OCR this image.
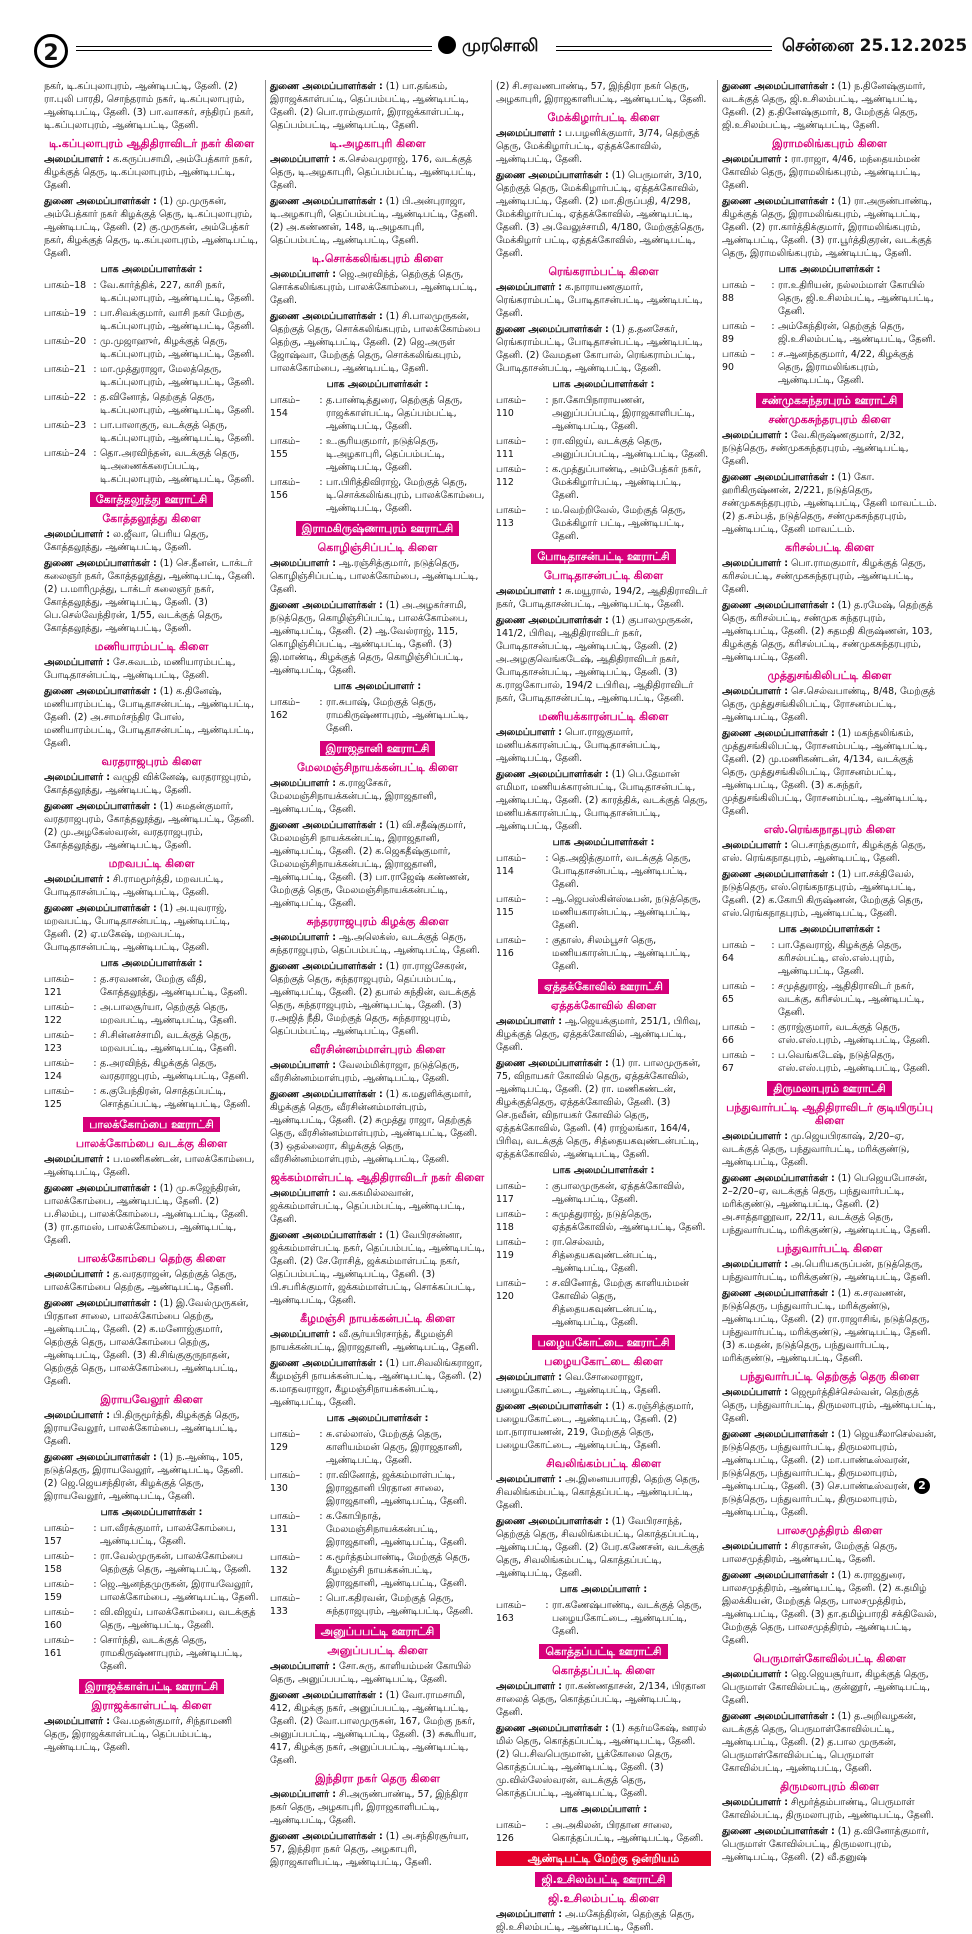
2	முரசொலி	சென்னை 25.12.2025

நகர், டி.கப்புலாபுரம், ஆண்டிபட்டி, தேனி. (2) ரா.புலி பாரதி, சொந்தராம் நகர், டி.கப்புலாபுரம், ஆண்டிபட்டி, தேனி. (3) பா.வாசகர், சந்திரப் நகர், டி.கப்புலாபுரம், ஆண்டிபட்டி, தேனி.

டி.கப்புலாபுரம் ஆதிதிராவிடர் நகர் கிளை

அமைப்பாளர் : க.கருப்பசாமி, அம்பேத்கார் நகர், கிழக்குத் தெரு, டி.கப்புலாபுரம், ஆண்டிபட்டி, தேனி.

துணை அமைப்பாளர்கள் : (1) மு.முருகன், அம்பேத்கார் நகர் கிழக்குத் தெரு, டி.கப்புலாபுரம், ஆண்டிபட்டி, தேனி. (2) கு.முருகன், அம்பேத்கர் நகர், கிழக்குத் தெரு, டி.கப்புலாபுரம், ஆண்டிபட்டி, தேனி.

பாக அமைப்பாளர்கள் :
பாகம்–18 : வே.கார்த்திக், 227, காசி நகர், டி.கப்புலாபுரம், ஆண்டிபட்டி, தேனி.
பாகம்–19 : பா.சிவக்குமார், வாசி நகர் மேற்கு, டி.கப்புலாபுரம், ஆண்டிபட்டி, தேனி.
பாகம்–20 : மு.முஜாஹுர், கிழக்குத் தெரு, டி.கப்புலாபுரம், ஆண்டிபட்டி, தேனி.
பாகம்–21 : மா.முத்துராஜா, மேலத்தெரு, டி.கப்புலாபுரம், ஆண்டிபட்டி, தேனி.
பாகம்–22 : த.வினோத், தெற்குத் தெரு, டி.கப்புலாபுரம், ஆண்டிபட்டி, தேனி.
பாகம்–23 : பா.பாலாகுரு, வடக்குத் தெரு, டி.கப்புலாபுரம், ஆண்டிபட்டி, தேனி.
பாகம்–24 : தொ.அரவிந்தன், வடக்குத் தெரு, டி.அணைக்கரைப்பட்டி, டி.கப்புலாபுரம், ஆண்டிபட்டி, தேனி.
கோத்தலூத்து ஊராட்சி
கோத்தலூத்து கிளை

அமைப்பாளர் : ல.ஜீவா, பெரிய தெரு, கோத்தலூத்து, ஆண்டிபட்டி, தேனி.

துணை அமைப்பாளர்கள் : (1) செ.தீனன், டாக்டர் கலைஞர் நகர், கோத்தலூத்து, ஆண்டிபட்டி, தேனி. (2) ப.மாரிமுத்து, டாக்டர் கலைஞர் நகர், கோத்தலூத்து, ஆண்டிபட்டி, தேனி. (3) பெ.செல்வேந்திரன், 1/55, வடக்குத் தெரு, கோத்தலூத்து, ஆண்டிபட்டி, தேனி.

மணியாரம்பட்டி கிளை

அமைப்பாளர் : சே.சுவடம், மணியாரம்பட்டி, போடிதாசன்பட்டி, ஆண்டிபட்டி, தேனி.

துணை அமைப்பாளர்கள் : (1) க.தினேஷ், மணியாரம்பட்டி, போடிதாசன்பட்டி, ஆண்டிபட்டி, தேனி. (2) அ.சாமர்சந்திர போஸ், மணியாரம்பட்டி, போடிதாசன்பட்டி, ஆண்டிபட்டி, தேனி.

வரதராஜபுரம் கிளை

அமைப்பாளர் : வழுதி விக்னேஷ், வரதராஜபுரம், கோத்தலூத்து, ஆண்டிபட்டி, தேனி.

துணை அமைப்பாளர்கள் : (1) சுமதன்குமார், வரதராஜபுரம், கோத்தலூத்து, ஆண்டிபட்டி, தேனி. (2) மு.அழகேஸ்வரன், வரதராஜபுரம், கோத்தலூத்து, ஆண்டிபட்டி, தேனி.

மறவபட்டி கிளை

அமைப்பாளர் : சி.ராமமூர்த்தி, மறவபட்டி, போடிதாசன்பட்டி, ஆண்டிபட்டி, தேனி.

துணை அமைப்பாளர்கள் : (1) அ.யுவராஜ், மறவபட்டி, போடிதாசன்பட்டி, ஆண்டிபட்டி, தேனி. (2) ஏ.மகேஷ், மறவபட்டி, போடிதாசன்பட்டி, ஆண்டிபட்டி, தேனி.

பாக அமைப்பாளர்கள் :
பாகம்–121
: த.சரவணன், மேற்கு வீதி, கோத்தலூத்து, ஆண்டிபட்டி, தேனி.
பாகம்–122
: அ.பாலசூர்யா, தெற்குத் தெரு, மறவபட்டி, ஆண்டிபட்டி, தேனி.
பாகம்–123
: சி.சின்னச்சாமி, வடக்குத் தெரு, மறவபட்டி, ஆண்டிபட்டி, தேனி.
பாகம்–124
: த.அரவிந்த், கிழக்குத் தெரு, வரதராஜபுரம், ஆண்டிபட்டி, தேனி.
பாகம்–125
: க.குபேந்திரன், சொத்தப்பட்டி, சொத்தப்பட்டி, ஆண்டிபட்டி, தேனி.
பாலக்கோம்பை ஊராட்சி
பாலக்கோம்பை வடக்கு கிளை

அமைப்பாளர் : ப.மணிகண்டன், பாலக்கோம்பை, ஆண்டிபட்டி, தேனி.

துணை அமைப்பாளர்கள் : (1) மு.சுஜேந்திரன், பாலக்கோம்பை, ஆண்டிபட்டி, தேனி. (2) ப.சிலம்பு, பாலக்கோம்பை, ஆண்டிபட்டி, தேனி. (3) ரா.தாமஸ், பாலக்கோம்பை, ஆண்டிபட்டி, தேனி.

பாலக்கோம்பை தெற்கு கிளை

அமைப்பாளர் : த.வரதராஜன், தெற்குத் தெரு, பாலக்கோம்பை தெற்கு, ஆண்டிபட்டி, தேனி.

துணை அமைப்பாளர்கள் : (1) இ.வேல்முருகன், பிரதான சாலை, பாலக்கோம்பை தெற்கு, ஆண்டிபட்டி, தேனி. (2) க.மனோஜ்குமார், தெற்குத் தெரு, பாலக்கோம்பை தெற்கு, ஆண்டிபட்டி, தேனி. (3) கி.சிங்குகுருநாதன், தெற்குத் தெரு, பாலக்கோம்பை, ஆண்டிபட்டி, தேனி.

இராயவேலூர் கிளை

அமைப்பாளர் : பி.திருமூர்த்தி, கிழக்குத் தெரு, இராயவேலூர், பாலக்கோம்பை, ஆண்டிபட்டி, தேனி.

துணை அமைப்பாளர்கள் : (1) ந.ஆண்டி, 105, நடுத்தெரு, இராயவேலூர், ஆண்டிபட்டி, தேனி. (2) ஜெ.ஜெயசந்திரன், கிழக்குத் தெரு, இராயவேலூர், ஆண்டிபட்டி, தேனி.

பாக அமைப்பாளர்கள் :
பாகம்–157
: பா.வீரக்குமார், பாலக்கோம்பை, ஆண்டிபட்டி, தேனி.
பாகம்–158
: ரா.வேல்முருகன், பாலக்கோம்பை தெற்குத் தெரு, ஆண்டிபட்டி, தேனி.
பாகம்–159
: ஜெ.ஆனந்தமுருகன், இராயவேலூர், பாலக்கோம்பை, ஆண்டிபட்டி, தேனி.
பாகம்–160
: வி.விஜய், பாலக்கோம்பை, வடக்குத் தெரு, ஆண்டிபட்டி, தேனி.
பாகம்–161
: சொர்ந்தி, வடக்குத் தெரு, ராமகிருஷ்ணாபுரம், ஆண்டிபட்டி, தேனி.
இராஜக்காள்பட்டி ஊராட்சி
இராஜக்காள்பட்டி கிளை

அமைப்பாளர் : வே.மதன்குமார், சிந்தாமணி தெரு, இராஜக்காள்பட்டி, தெப்பம்பட்டி, ஆண்டிபட்டி, தேனி.

துணை அமைப்பாளர்கள் : (1) பா.தங்கம், இராஜக்காள்பட்டி, தெப்பம்பட்டி, ஆண்டிபட்டி, தேனி. (2) பொ.ராம்குமார், இராஜக்காள்பட்டி, தெப்பம்பட்டி, ஆண்டிபட்டி, தேனி.

டி.அழகாபுரி கிளை

அமைப்பாளர் : க.செல்வமுராஜ், 176, வடக்குத் தெரு, டி.அழகாபுரி, தெப்பம்பட்டி, ஆண்டிபட்டி, தேனி.

துணை அமைப்பாளர்கள் : (1) பி.அன்புராஜா, டி.அழகாபுரி, தெப்பம்பட்டி, ஆண்டிபட்டி, தேனி. (2) அ.கண்ணன், 148, டி.அழகாபுரி, தெப்பம்பட்டி, ஆண்டிபட்டி, தேனி.

டி.சொக்கலிங்கபுரம் கிளை

அமைப்பாளர் : ஜெ.அரவிந்த், தெற்குத் தெரு, சொக்கலிங்கபுரம், பாலக்கோம்பை, ஆண்டிபட்டி, தேனி.

துணை அமைப்பாளர்கள் : (1) சி.பாலமுருகன், தெற்குத் தெரு, சொக்கலிங்கபுரம், பாலக்கோம்பை தெற்கு, ஆண்டிபட்டி, தேனி. (2) ஜெ.அருள் ஜோஷ்வா, மேற்குத் தெரு, சொக்கலிங்கபுரம், பாலக்கோம்பை, ஆண்டிபட்டி, தேனி.

பாக அமைப்பாளர்கள் :
பாகம்–154
: த.பாண்டித்துரை, தெற்குத் தெரு, ராஜக்காள்பட்டி, தெப்பம்பட்டி, ஆண்டிபட்டி, தேனி.
பாகம்–155
: உ.சூரியகுமார், நடுத்தெரு, டி.அழகாபுரி, தெப்பம்பட்டி, ஆண்டிபட்டி, தேனி.
பாகம்–156
: பா.பிரித்திவிராஜ், மேற்குத் தெரு, டி.சொக்கலிங்கபுரம், பாலக்கோம்பை, ஆண்டிபட்டி, தேனி.
இராமகிருஷ்ணாபுரம் ஊராட்சி
கொழிஞ்சிப்பட்டி கிளை

அமைப்பாளர் : ஆ.ரஞ்சித்குமார், நடுத்தெரு, கொழிஞ்சிப்பட்டி, பாலக்கோம்பை, ஆண்டிபட்டி, தேனி.

துணை அமைப்பாளர்கள் : (1) அ.அழகர்சாமி, நடுத்தெரு, கொழிஞ்சிப்பட்டி, பாலக்கோம்பை, ஆண்டிபட்டி, தேனி. (2) ஆ.வேல்ராஜ், 115, கொழிஞ்சிப்பட்டி, ஆண்டிபட்டி, தேனி. (3) இ.மாண்டி, கிழக்குத் தெரு, கொழிஞ்சிப்பட்டி, ஆண்டிபட்டி, தேனி.

பாக அமைப்பாளர் :
பாகம்–162
: ரா.சுபாஷ், மேற்குத் தெரு, ராமகிருஷ்ணாபுரம், ஆண்டிபட்டி, தேனி.
இராஜதானி ஊராட்சி
மேலமஞ்சிநாயக்கன்பட்டி கிளை

அமைப்பாளர் : க.ராஜசேகர், மேலமஞ்சிநாயக்கன்பட்டி, இராஜதானி, ஆண்டிபட்டி, தேனி.

துணை அமைப்பாளர்கள் : (1) வி.சதீஷ்குமார், மேலமஞ்சி நாயக்கன்பட்டி, இராஜதானி, ஆண்டிபட்டி, தேனி. (2) க.ஜெகதீஷ்குமார், மேலமஞ்சிநாயக்கன்பட்டி, இராஜதானி, ஆண்டிபட்டி, தேனி. (3) பா.ராஜேஷ் கண்ணன், மேற்குத் தெரு, மேலமஞ்சிநாயக்கன்பட்டி, ஆண்டிபட்டி, தேனி.

சுந்தரராஜபுரம் கிழக்கு கிளை

அமைப்பாளர் : ஆ.அலெக்ஸ், வடக்குத் தெரு, சுந்தராஜபுரம், தெப்பம்பட்டி, ஆண்டிபட்டி, தேனி.

துணை அமைப்பாளர்கள் : (1) ரா.ராஜசேகரன், தெற்குத் தெரு, சுந்தராஜபுரம், தெப்பம்பட்டி, ஆண்டிபட்டி, தேனி. (2) தபால் சுந்தின், வடக்குத் தெரு, சுந்தராஜபுரம், ஆண்டிபட்டி, தேனி. (3) ர.அஜித் நீதி, மேற்குத் தெரு, சுந்தராஜபுரம், தெப்பம்பட்டி, ஆண்டிபட்டி, தேனி.

வீரசின்னம்மாள்புரம் கிளை

அமைப்பாளர் : வேலம்மிக்ராஜா, நடுத்தெரு, வீரசின்னம்மாள்புரம், ஆண்டிபட்டி, தேனி.

துணை அமைப்பாளர்கள் : (1) க.மதுளிக்குமார், கிழக்குத் தெரு, வீரசின்னம்மாள்புரம், ஆண்டிபட்டி, தேனி. (2) சுமுத்து ராஜா, தெற்குத் தெரு, வீரசின்னம்மாள்புரம், ஆண்டிபட்டி, தேனி. (3) ஒதல்லைரா, கிழக்குத் தெரு, வீரசின்னம்மாள்புரம், ஆண்டிபட்டி, தேனி.

ஜக்கம்மாள்பட்டி ஆதிதிராவிடர் நகர் கிளை

அமைப்பாளர் : வ.சுகமில்லவான், ஜக்கம்மாள்பட்டி, தெப்பம்பட்டி, ஆண்டிபட்டி, தேனி.

துணை அமைப்பாளர்கள் : (1) வேபிரசன்னா, ஜக்கம்மாள்பட்டி நகர், தெப்பம்பட்டி, ஆண்டிபட்டி, தேனி. (2) சே.ரோசித், ஜக்கம்மாள்பட்டி நகர், தெப்பம்பட்டி, ஆண்டிபட்டி, தேனி. (3) பி.சபரிக்குமார், ஜக்கம்மாள்பட்டி, சொக்கப்பட்டி, ஆண்டிபட்டி, தேனி.

கீழமஞ்சி நாயக்கன்பட்டி கிளை

அமைப்பாளர் : வீ.சூர்யபிரசாந்த், கீழமஞ்சி நாயக்கன்பட்டி, இராஜதானி, ஆண்டிபட்டி, தேனி.

துணை அமைப்பாளர்கள் : (1) பா.சிவலிங்கராஜா, கீழமஞ்சி நாயக்கன்பட்டி, ஆண்டிபட்டி, தேனி. (2) க.மாதவராஜா, கீழமஞ்சிநாயக்கன்பட்டி, ஆண்டிபட்டி, தேனி.

பாக அமைப்பாளர்கள் :
பாகம்–129
: சு.எல்லாஸ், மேற்குத் தெரு, காளியம்மன் தெரு, இராஜதானி, ஆண்டிபட்டி, தேனி.
பாகம்–130
: ரா.வினோத், ஜக்கம்மாள்பட்டி, இராஜதானி பிரதான சாலை, இராஜதானி, ஆண்டிபட்டி, தேனி.
பாகம்–131
: க.கோபிநாத், மேலமஞ்சிநாயக்கன்பட்டி, இராஜதானி, ஆண்டிபட்டி, தேனி.
பாகம்–132
: க.மூர்த்தம்பாண்டி, மேற்குத் தெரு, கீழமஞ்சி நாயக்கன்பட்டி, இராஜதானி, ஆண்டிபட்டி, தேனி.
பாகம்–133
: பொ.கதிரவன், மேற்குத் தெரு, சுந்தராஜபுரம், ஆண்டிபட்டி, தேனி.
அனுப்பபட்டி ஊராட்சி
அனுப்பபட்டி கிளை

அமைப்பாளர் : சோ.சுரு, காளியம்மன் கோயில் தெரு, அனுப்பபட்டி, ஆண்டிபட்டி, தேனி.

துணை அமைப்பாளர்கள் : (1) வோ.ராமசாமி, 412, கிழக்கு நகர், அனுப்பபட்டி, ஆண்டிபட்டி, தேனி. (2) வோ.பாலமுருகன், 167, மேற்கு நகர், அனுப்பபட்டி, ஆண்டிபட்டி, தேனி. (3) சுகூரியா, 417, கிழக்கு நகர், அனுப்பபட்டி, ஆண்டிபட்டி, தேனி.

இந்திரா நகர் தெரு கிளை

அமைப்பாளர் : சி.அருண்பாண்டி, 57, இந்திரா நகர் தெரு, அழகாபுரி, இராஜகாளிபட்டி, ஆண்டிபட்டி, தேனி.

துணை அமைப்பாளர்கள் : (1) அ.சந்திரசூர்யா, 57, இந்திரா நகர் தெரு, அழகாபுரி, இராஜகாளிபட்டி, ஆண்டிபட்டி, தேனி.

(2) சி.சரவணபாண்டி, 57, இந்திரா நகர் தெரு, அழகாபுரி, இராஜகாளிபட்டி, ஆண்டிபட்டி, தேனி.

மேக்கிழார்பட்டி கிளை

அமைப்பாளர் : ப.பழனிக்குமார், 3/74, தெற்குத் தெரு, மேக்கிழார்பட்டி, ஏத்தக்கோவில், ஆண்டிபட்டி, தேனி.

துணை அமைப்பாளர்கள் : (1) பெருமாள், 3/10, தெற்குத் தெரு, மேக்கிழார்பட்டி, ஏத்தக்கோவில், ஆண்டிபட்டி, தேனி. (2) மா.திருப்பதி, 4/298, மேக்கிழார்பட்டி, ஏத்தக்கோவில், ஆண்டிபட்டி, தேனி. (3) அ.வேலுச்சாமி, 4/180, மேற்குத்தெரு, மேக்கிழார் பட்டி, ஏத்தக்கோவில், ஆண்டிபட்டி, தேனி.

ரெங்கராம்பட்டி கிளை

அமைப்பாளர் : க.நாராயணகுமார், ரெங்கராம்பட்டி, போடிதாசன்பட்டி, ஆண்டிபட்டி, தேனி.

துணை அமைப்பாளர்கள் : (1) த.தனசேகர், ரெங்கராம்பட்டி, போடிதாசன்பட்டி, ஆண்டிபட்டி, தேனி. (2) வேமதன கோபால், ரெங்கராம்பட்டி, போடிதாசன்பட்டி, ஆண்டிபட்டி, தேனி.

பாக அமைப்பாளர்கள் :
பாகம்–110
: நா.கோபிநாராயணன், அனுப்பப்பட்டி, இராஜகாளிபட்டி, ஆண்டிபட்டி, தேனி.
பாகம்–111
: ரா.விஜய், வடக்குத் தெரு, அனுப்பப்பட்டி, ஆண்டிபட்டி, தேனி.
பாகம்–112
: க.முத்துப்பாண்டி, அம்பேத்கர் நகர், மேக்கிழார்பட்டி, ஆண்டிபட்டி, தேனி.
பாகம்–113
: ம.வெற்றிவேல், மேற்குத் தெரு, மேக்கிழார் பட்டி, ஆண்டிபட்டி, தேனி.
போடிதாசன்பட்டி ஊராட்சி
போடிதாசன்பட்டி கிளை

அமைப்பாளர் : சு.மயூரால், 194/2, ஆதிதிராவிடர் நகர், போடிதாசன்பட்டி, ஆண்டிபட்டி, தேனி.

துணை அமைப்பாளர்கள் : (1) குபாலமுருகன், 141/2, பிரிவு, ஆதிதிராவிடர் நகர், போடிதாசன்பட்டி, ஆண்டிபட்டி, தேனி. (2) அ.அழகுவெங்கடேஷ், ஆதிதிராவிடர் நகர், போடிதாசன்பட்டி, ஆண்டிபட்டி, தேனி. (3) க.ராஜகோபால், 194/2 டபிரிவு, ஆதிதிராவிடர் நகர், போடிதாசன்பட்டி, ஆண்டிபட்டி, தேனி.

மணியக்காரன்பட்டி கிளை

அமைப்பாளர் : பொ.ராஜகுமார், மணியக்காரன்பட்டி, போடிதாசன்பட்டி, ஆண்டிபட்டி, தேனி.

துணை அமைப்பாளர்கள் : (1) பெ.தேமான் எமிமா, மணியக்காரன்பட்டி, போடிதாசன்பட்டி, ஆண்டிபட்டி, தேனி. (2) காரத்திக், வடக்குத் தெரு, மணியக்காரன்பட்டி, போடிதாசன்பட்டி, ஆண்டிபட்டி, தேனி.

பாக அமைப்பாளர்கள் :
பாகம்–114
: தெ.அஜித்குமார், வடக்குத் தெரு, போடிதாசன்பட்டி, ஆண்டிபட்டி, தேனி.
பாகம்–115
: ஆ.ஜெபஸ்கின்ஸ்டீபன், நடுத்தெரு, மணியகாரன்பட்டி, ஆண்டிபட்டி, தேனி.
பாகம்–116
: குதாஸ், சிலம்பூசர் தெரு, மணியகாரன்பட்டி, ஆண்டிபட்டி, தேனி.
ஏத்தக்கோவில் ஊராட்சி
ஏத்தக்கோவில் கிளை

அமைப்பாளர் : ஆ.ஜெயக்குமார், 251/1, பிரிவு, கிழக்குத் தெரு, ஏத்தக்கோவில், ஆண்டிபட்டி, தேனி.

துணை அமைப்பாளர்கள் : (1) ரா. பாலமுருகன், 75, விநாயகர் கோவில் தெரு, ஏத்தக்கோவில், ஆண்டிபட்டி, தேனி. (2) ரா. மணிகண்டன், கிழக்குத்தெரு, ஏத்தக்கோவில், தேனி. (3) செ.நவீன், விநாயகர் கோவில் தெரு, ஏத்தக்கோவில், தேனி. (4) ராஜ்லங்கா, 164/4, பிரிவு, வடக்குத் தெரு, சித்தையகவுண்டன்பட்டி, ஏத்தக்கோவில், ஆண்டிபட்டி, தேனி.

பாக அமைப்பாளர்கள் :
பாகம்–117
: குபாலமுருகன், ஏத்தக்கோவில், ஆண்டிபட்டி, தேனி.
பாகம்–118
: சுமுத்துராஜ், நடுத்தெரு, ஏத்தக்கோவில், ஆண்டிபட்டி, தேனி.
பாகம்–119
: ரா.செல்வம், சித்தையகவுண்டன்பட்டி, ஆண்டிபட்டி, தேனி.
பாகம்–120
: ச.வினோத், மேற்கு காளியம்மன் கோவில் தெரு, சித்தையகவுண்டன்பட்டி, ஆண்டிபட்டி, தேனி.
பழையகோட்டை ஊராட்சி
பழையகோட்டை கிளை

அமைப்பாளர் : வெ.சோலைராஜா, பழையகோட்டை, ஆண்டிபட்டி, தேனி.

துணை அமைப்பாளர்கள் : (1) க.ரஞ்சித்குமார், பழையகோட்டை, ஆண்டிபட்டி, தேனி. (2) மா.நாராயணன், 219, மேற்குத் தெரு, பழையகோட்டை, ஆண்டிபட்டி, தேனி.

சிவலிங்கம்பட்டி கிளை

அமைப்பாளர் : அ.இனையபாரதி, தெற்கு தெரு, சிவலிங்கம்பட்டி, கொத்தப்பட்டி, ஆண்டிபட்டி, தேனி.

துணை அமைப்பாளர்கள் : (1) வேபிரசாந்த், தெற்குத் தெரு, சிவலிங்கம்பட்டி, கொத்தப்பட்டி, ஆண்டிபட்டி, தேனி. (2) பேர.கணேசன், வடக்குத் தெரு, சிவலிங்கம்பட்டி, கொத்தப்பட்டி, ஆண்டிபட்டி, தேனி.

பாக அமைப்பாளர் :
பாகம்–163
: ரா.கணேஷ்பாண்டி, வடக்குத் தெரு, பழையகோட்டை, ஆண்டிபட்டி, தேனி.
கொத்தப்பட்டி ஊராட்சி
கொத்தப்பட்டி கிளை

அமைப்பாளர் : ரா.கண்ணதாசன், 2/134, பிரதான சாலைத் தெரு, கொத்தப்பட்டி, ஆண்டிபட்டி, தேனி.

துணை அமைப்பாளர்கள் : (1) சுதர்மகேஷ், ஊரல் மில் தெரு, கொத்தப்பட்டி, ஆண்டிபட்டி, தேனி. (2) பெ.சிவபெருமான், பூக்கோலை தெரு, கொத்தப்பட்டி, ஆண்டிபட்டி, தேனி. (3) மு.வில்லேஸ்வரன், வடக்குத் தெரு, கொத்தப்பட்டி, ஆண்டிபட்டி, தேனி.

பாக அமைப்பாளர் :
பாகம்–126
: அ.அகிலன், பிரதான சாலை, கொத்தப்பட்டி, ஆண்டிபட்டி, தேனி.
ஆண்டிபட்டி மேற்கு ஒன்றியம்
ஜி.உசிலம்பட்டி ஊராட்சி
ஜி.உசிலம்பட்டி கிளை

அமைப்பாளர் : அ.மகேந்திரன், தெற்குத் தெரு, ஜி.உசிலம்பட்டி, ஆண்டிபட்டி, தேனி.

துணை அமைப்பாளர்கள் : (1) ந.தினேஷ்குமார், வடக்குத் தெரு, ஜி.உசிலம்பட்டி, ஆண்டிபட்டி, தேனி. (2) த.தினேஷ்குமார், 8, மேற்குத் தெரு, ஜி.உசிலம்பட்டி, ஆண்டிபட்டி, தேனி.

இராமலிங்கபுரம் கிளை

அமைப்பாளர் : ரா.ராஜா, 4/46, மந்தையம்மன் கோவில் தெரு, இராமலிங்கபுரம், ஆண்டிபட்டி, தேனி.

துணை அமைப்பாளர்கள் : (1) ரா.அருண்பாண்டி, கிழக்குத் தெரு, இராமலிங்கபுரம், ஆண்டிபட்டி, தேனி. (2) ரா.கார்த்திக்குமார், இராமலிங்கபுரம், ஆண்டிபட்டி, தேனி. (3) ரா.பூர்த்திகுரன், வடக்குத் தெரு, இராமலிங்கபுரம், ஆண்டிபட்டி, தேனி.

பாக அமைப்பாளர்கள் :
பாகம் – 88
: ரா.உதிரியன், நல்லம்மாள் கோயில் தெரு, ஜி.உசிலம்பட்டி, ஆண்டிபட்டி, தேனி.
பாகம் – 89
: அம்கேந்திரன், தெற்குத் தெரு, ஜி.உசிலம்பட்டி, ஆண்டிபட்டி, தேனி.
பாகம் – 90
: ச.ஆனந்தகுமார், 4/22, கிழக்குத் தெரு, இராமலிங்கபுரம், ஆண்டிபட்டி, தேனி.
சண்முகசுந்தரபுரம் ஊராட்சி
சண்முகசுந்தரபுரம் கிளை

அமைப்பாளர் : வே.கிருஷ்ணகுமார், 2/32, நடுத்தெரு, சண்முகசுந்தரபுரம், ஆண்டிபட்டி, தேனி.

துணை அமைப்பாளர்கள் : (1) கோ. ஹரிகிருஷ்ணன், 2/221, நடுத்தெரு, சண்முகசுந்தரபுரம், ஆண்டிபட்டி, தேனி மாவட்டம். (2) த.சம்பத், நடுத்தெரு, சண்முகசுந்தரபுரம், ஆண்டிபட்டி, தேனி மாவட்டம்.

கரிசல்பட்டி கிளை

அமைப்பாளர் : பொ.ராமகுமார், கிழக்குத் தெரு, கரிசல்பட்டி, சண்முகசுந்தரபுரம், ஆண்டிபட்டி, தேனி.

துணை அமைப்பாளர்கள் : (1) த.ரமேஷ், தெற்குத் தெரு, கரிசல்பட்டி, சண்முக சுந்தரபுரம், ஆண்டிபட்டி, தேனி. (2) சுதமதி கிருஷ்ணன், 103, கிழக்குத் தெரு, கரிசல்பட்டி, சண்முகசுந்தரபுரம், ஆண்டிபட்டி, தேனி.

முத்துசங்கிலிபட்டி கிளை

அமைப்பாளர் : செ.செல்வபாண்டி, 8/48, மேற்குத் தெரு, முத்துசங்கிலிபட்டி, ரோசனம்பட்டி, ஆண்டிபட்டி, தேனி.

துணை அமைப்பாளர்கள் : (1) மகந்தலிங்கம், முத்துசங்கிலிபட்டி, ரோசனம்பட்டி, ஆண்டிபட்டி, தேனி. (2) மு.மணிகண்டன், 4/134, வடக்குத் தெரு, முத்துசங்கிலிபட்டி, ரோசனம்பட்டி, ஆண்டிபட்டி, தேனி. (3) க.சுந்தர், முத்துசங்கிலிபட்டி, ரோசனம்பட்டி, ஆண்டிபட்டி, தேனி.

எஸ்.ரெங்கநாதபுரம் கிளை

அமைப்பாளர் : பெ.சாந்தகுமார், கிழக்குத் தெரு, எஸ். ரெங்கநாதபுரம், ஆண்டிபட்டி, தேனி.

துணை அமைப்பாளர்கள் : (1) பா.சக்திவேல், நடுத்தெரு, எஸ்.ரெங்கநாதபுரம், ஆண்டிபட்டி, தேனி. (2) க.கோபி கிருஷ்ணன், மேற்குத் தெரு, எஸ்.ரெங்கநாதபுரம், ஆண்டிபட்டி, தேனி.

பாக அமைப்பாளர்கள் :
பாகம் – 64
: பா.தேவராஜ், கிழக்குத் தெரு, கரிசல்பட்டி, எஸ்.எஸ்.புரம், ஆண்டிபட்டி, தேனி.
பாகம் – 65
: சமுத்துராஜ், ஆதிதிராவிடர் நகர், வடக்கு, கரிசல்பட்டி, ஆண்டிபட்டி, தேனி.
பாகம் – 66
: குராஜ்குமார், வடக்குத் தெரு, எஸ்.எஸ்.புரம், ஆண்டிபட்டி, தேனி.
பாகம் – 67
: ப.வெங்கடேஷ், நடுத்தெரு, எஸ்.எஸ்.புரம், ஆண்டிபட்டி, தேனி.
திருமலாபுரம் ஊராட்சி
பந்துவார்பட்டி ஆதிதிராவிடர் குடியிருப்பு கிளை

அமைப்பாளர் : மு.ஜெயபிரகாஷ், 2/20–ஏ, வடக்குத் தெரு, பந்துவார்பட்டி, மரிக்குண்டு, ஆண்டிபட்டி, தேனி.

துணை அமைப்பாளர்கள் : (1) பெஜெயபோசன், 2–2/20–ஏ, வடக்குத் தெரு, பந்துவார்பட்டி, மரிக்குண்டு, ஆண்டிபட்டி, தேனி. (2) அ.சாத்தானூவா, 22/11, வடக்குத் தெரு, பந்துவார்பட்டி, மரிக்குண்டு, ஆண்டிபட்டி, தேனி.

பந்துவார்பட்டி கிளை

அமைப்பாளர் : அ.பெரியகருப்பன், நடுத்தெரு, பந்துவார்பட்டி, மரிக்குண்டு, ஆண்டிபட்டி, தேனி.

துணை அமைப்பாளர்கள் : (1) க.சரவணன், நடுத்தெரு, பந்துவார்பட்டி, மரிக்குண்டு, ஆண்டிபட்டி, தேனி. (2) ரா.ராஜாசிங், நடுத்தெரு, பந்துவார்பட்டி, மரிக்குண்டு, ஆண்டிபட்டி, தேனி. (3) க.மதன், நடுத்தெரு, பந்துவார்பட்டி, மரிக்குண்டு, ஆண்டிபட்டி, தேனி.

பந்துவார்பட்டி தெற்குத் தெரு கிளை

அமைப்பாளர் : ஜெமூர்த்திச்செல்வன், தெற்குத் தெரு, பந்துவார்பட்டி, திருமலாபுரம், ஆண்டிபட்டி, தேனி.

துணை அமைப்பாளர்கள் : (1) ஜெயசீலாசெல்வன், நடுத்தெரு, பந்துவார்பட்டி, திருமலாபுரம், ஆண்டிபட்டி, தேனி. (2) மா.பாண்டீஸ்வரன், நடுத்தெரு, பந்துவார்பட்டி, திருமலாபுரம், ஆண்டிபட்டி, தேனி. (3) செ.பாண்டீஸ்வரன், நடுத்தெரு, பந்துவார்பட்டி, திருமலாபுரம், ஆண்டிபட்டி, தேனி.

பாலசமுத்திரம் கிளை

அமைப்பாளர் : சிரதாசன், மேற்குத் தெரு, பாலசமுத்திரம், ஆண்டிபட்டி, தேனி.

துணை அமைப்பாளர்கள் : (1) க.ராஜதுரை, பாலசமுத்திரம், ஆண்டிபட்டி, தேனி. (2) க.தமிழ் இலக்கியன், மேற்குத் தெரு, பாலசமுத்திரம், ஆண்டிபட்டி, தேனி. (3) தா.தமிழ்பாரதி சக்திவேல், மேற்குத் தெரு, பாலசமுத்திரம், ஆண்டிபட்டி, தேனி.

பெருமாள்கோவில்பட்டி கிளை

அமைப்பாளர் : ஜெ.ஜெயசூர்யா, கிழக்குத் தெரு, பெருமாள் கோவில்பட்டி, குன்னூர், ஆண்டிபட்டி, தேனி.

துணை அமைப்பாளர்கள் : (1) த.அறிவழகன், வடக்குத் தெரு, பெருமாள்கோவில்பட்டி, ஆண்டிபட்டி, தேனி. (2) த.பால முருகன், பெருமாள்கோவில்பட்டி, பெருமாள் கோவில்பட்டி, ஆண்டிபட்டி, தேனி.

திருமலாபுரம் கிளை

அமைப்பாளர் : சிமூர்த்தம்பாண்டி, பெருமாள் கோவில்பட்டி, திருமலாபுரம், ஆண்டிபட்டி, தேனி.

துணை அமைப்பாளர்கள் : (1) த.வினோத்குமார், பெருமாள் கோவில்பட்டி, திருமலாபுரம், ஆண்டிபட்டி, தேனி. (2) வீ.தனுஷ்

2
